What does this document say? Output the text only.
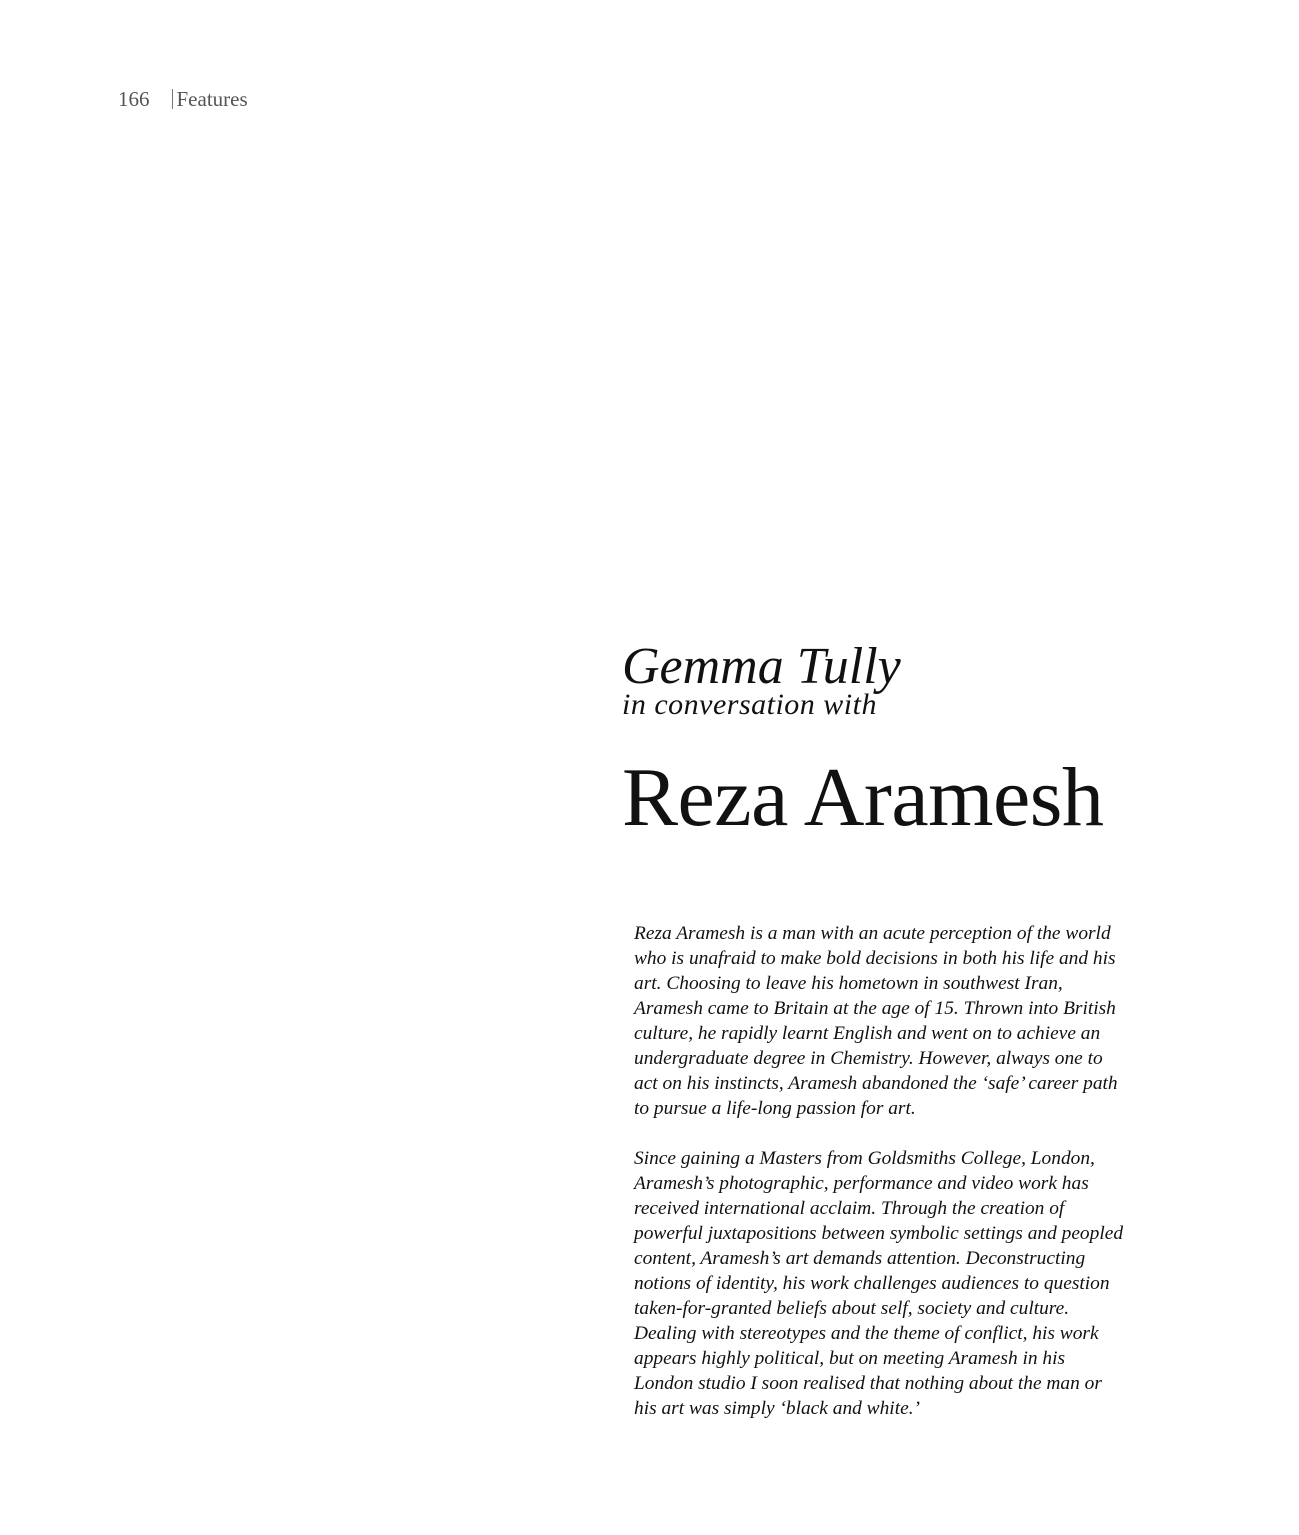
166 Features
Gemma Tully
in conversation with
Reza Aramesh

Reza Aramesh is a man with an acute perception of the world who is unafraid to make bold decisions in both his life and his art. Choosing to leave his hometown in southwest Iran, Aramesh came to Britain at the age of 15. Thrown into British culture, he rapidly learnt English and went on to achieve an undergraduate degree in Chemistry. However, always one to act on his instincts, Aramesh abandoned the ‘safe’ career path to pursue a life-long passion for art.

Since gaining a Masters from Goldsmiths College, London, Aramesh’s photographic, performance and video work has received international acclaim. Through the creation of powerful juxtapositions between symbolic settings and peopled content, Aramesh’s art demands attention. Deconstructing notions of identity, his work challenges audiences to question taken-for-granted beliefs about self, society and culture. Dealing with stereotypes and the theme of conflict, his work appears highly political, but on meeting Aramesh in his London studio I soon realised that nothing about the man or his art was simply ‘black and white.’
